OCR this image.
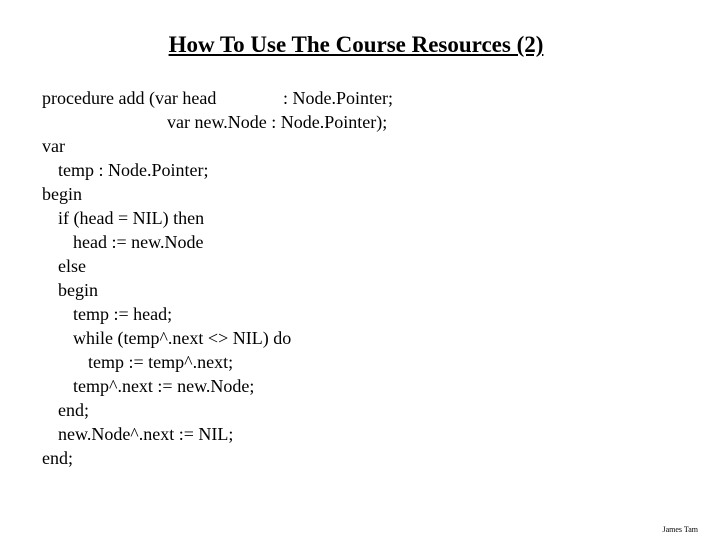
How To Use The Course Resources (2)
procedure add (var head	: Node.Pointer;
var new.Node : Node.Pointer);
var
temp : Node.Pointer;
begin
if (head = NIL) then
head := new.Node
else
begin
temp := head;
while (temp^.next <> NIL) do
temp := temp^.next;
temp^.next := new.Node;
end;
new.Node^.next := NIL;
end;
James Tam
